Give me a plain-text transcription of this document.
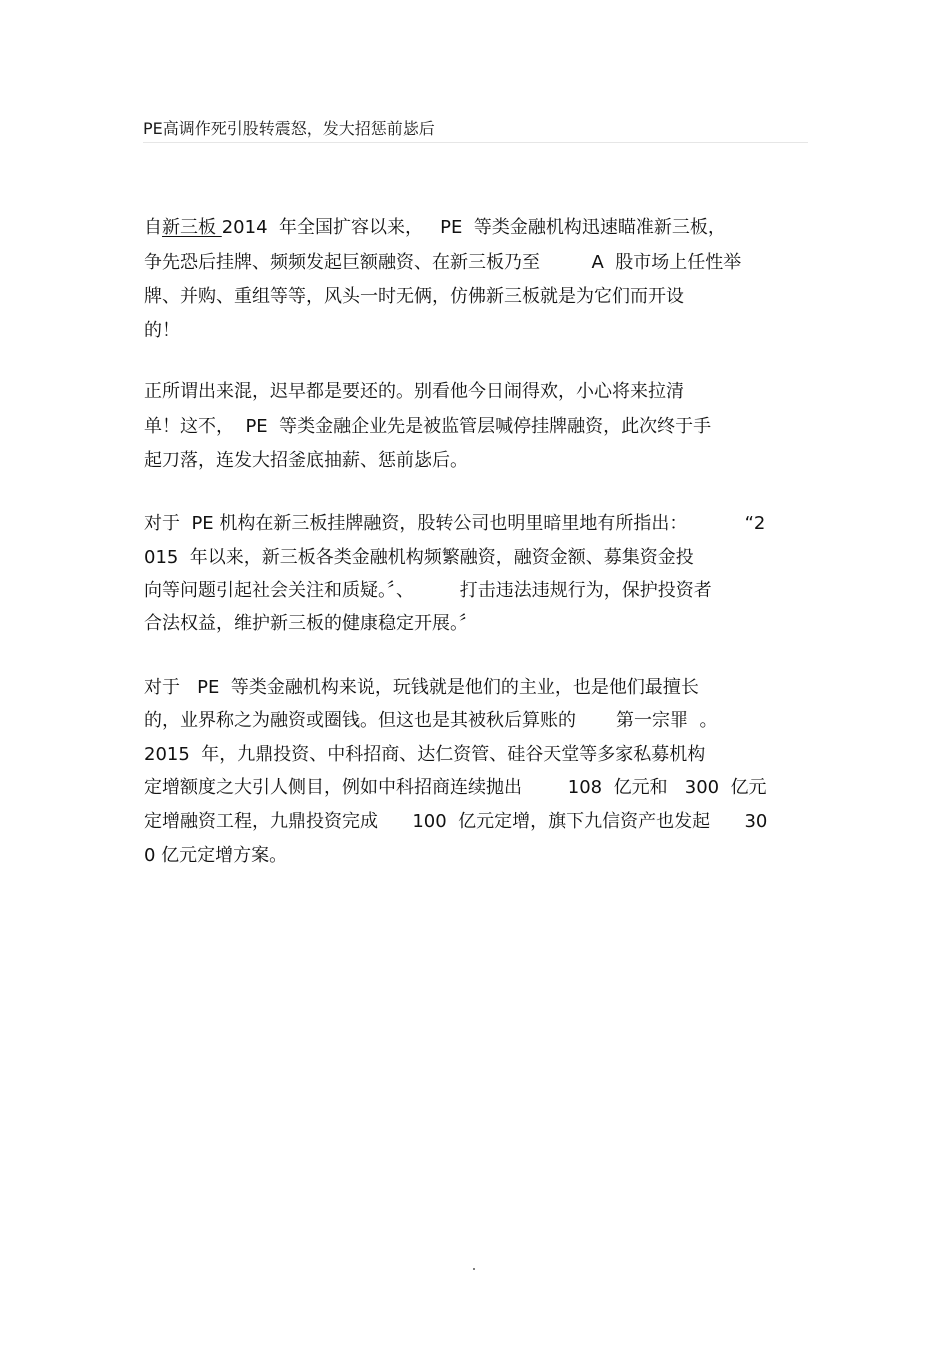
PE高调作死引股转震怒，发大招惩前毖后
自新三板 2014  年全国扩容以来，   PE  等类金融机构迅速瞄准新三板，
争先恐后挂牌、频频发起巨额融资、在新三板乃至         A  股市场上任性举
牌、并购、重组等等，风头一时无俩，仿佛新三板就是为它们而开设
的！
正所谓出来混，迟早都是要还的。别看他今日闹得欢，小心将来拉清
单！这不，  PE  等类金融企业先是被监管层喊停挂牌融资，此次终于手
起刀落，连发大招釜底抽薪、惩前毖后。
对于  PE 机构在新三板挂牌融资，股转公司也明里暗里地有所指出：          “2
015  年以来，新三板各类金融机构频繁融资，融资金额、募集资金投
向等问题引起社会关注和质疑。〞、        打击违法违规行为，保护投资者
合法权益，维护新三板的健康稳定开展。〞
对于   PE  等类金融机构来说，玩钱就是他们的主业，也是他们最擅长
的，业界称之为融资或圈钱。但这也是其被秋后算账的       第一宗罪  。
2015  年，九鼎投资、中科招商、达仁资管、硅谷天堂等多家私募机构
定增额度之大引人侧目，例如中科招商连续抛出        108  亿元和   300  亿元
定增融资工程，九鼎投资完成      100  亿元定增，旗下九信资产也发起      30
0 亿元定增方案。
